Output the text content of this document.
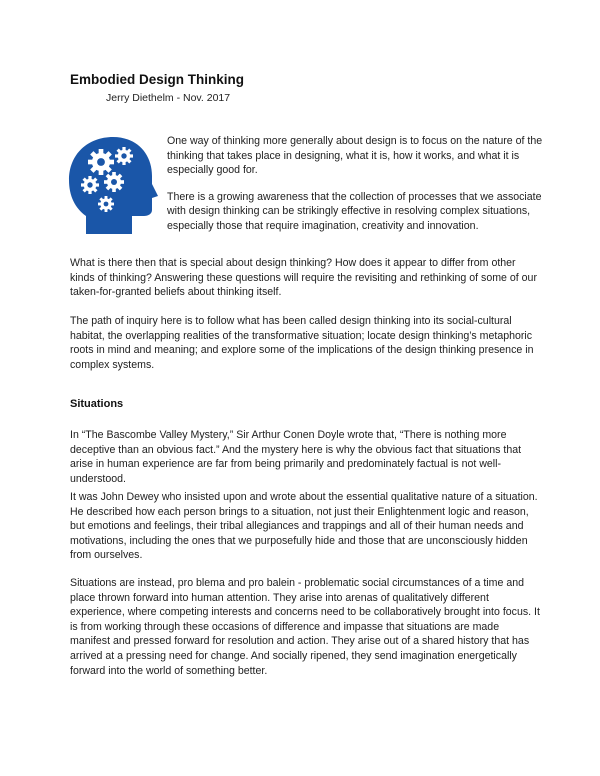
Embodied Design Thinking
Jerry Diethelm - Nov. 2017

One way of thinking more generally about design is to focus on the nature of the thinking that takes place in designing, what it is, how it works, and what it is especially good for.

There is a growing awareness that the collection of processes that we associate with design thinking can be strikingly effective in resolving complex situations, especially those that require imagination, creativity and innovation.

What is there then that is special about design thinking? How does it appear to differ from other kinds of thinking? Answering these questions will require the revisiting and rethinking of some of our taken-for-granted beliefs about thinking itself.

The path of inquiry here is to follow what has been called design thinking into its social-cultural habitat, the overlapping realities of the transformative situation; locate design thinking’s metaphoric roots in mind and meaning; and explore some of the implications of the design thinking presence in complex systems.

Situations

In “The Bascombe Valley Mystery,” Sir Arthur Conen Doyle wrote that, “There is nothing more deceptive than an obvious fact.” And the mystery here is why the obvious fact that situations that arise in human experience are far from being primarily and predominately factual is not well-understood.

It was John Dewey who insisted upon and wrote about the essential qualitative nature of a situation. He described how each person brings to a situation, not just their Enlightenment logic and reason, but emotions and feelings, their tribal allegiances and trappings and all of their human needs and motivations, including the ones that we purposefully hide and those that are unconsciously hidden from ourselves.

Situations are instead, pro blema and pro balein - problematic social circumstances of a time and place thrown forward into human attention. They arise into arenas of qualitatively different experience, where competing interests and concerns need to be collaboratively brought into focus. It is from working through these occasions of difference and impasse that situations are made manifest and pressed forward for resolution and action. They arise out of a shared history that has arrived at a pressing need for change. And socially ripened, they send imagination energetically forward into the world of something better.
